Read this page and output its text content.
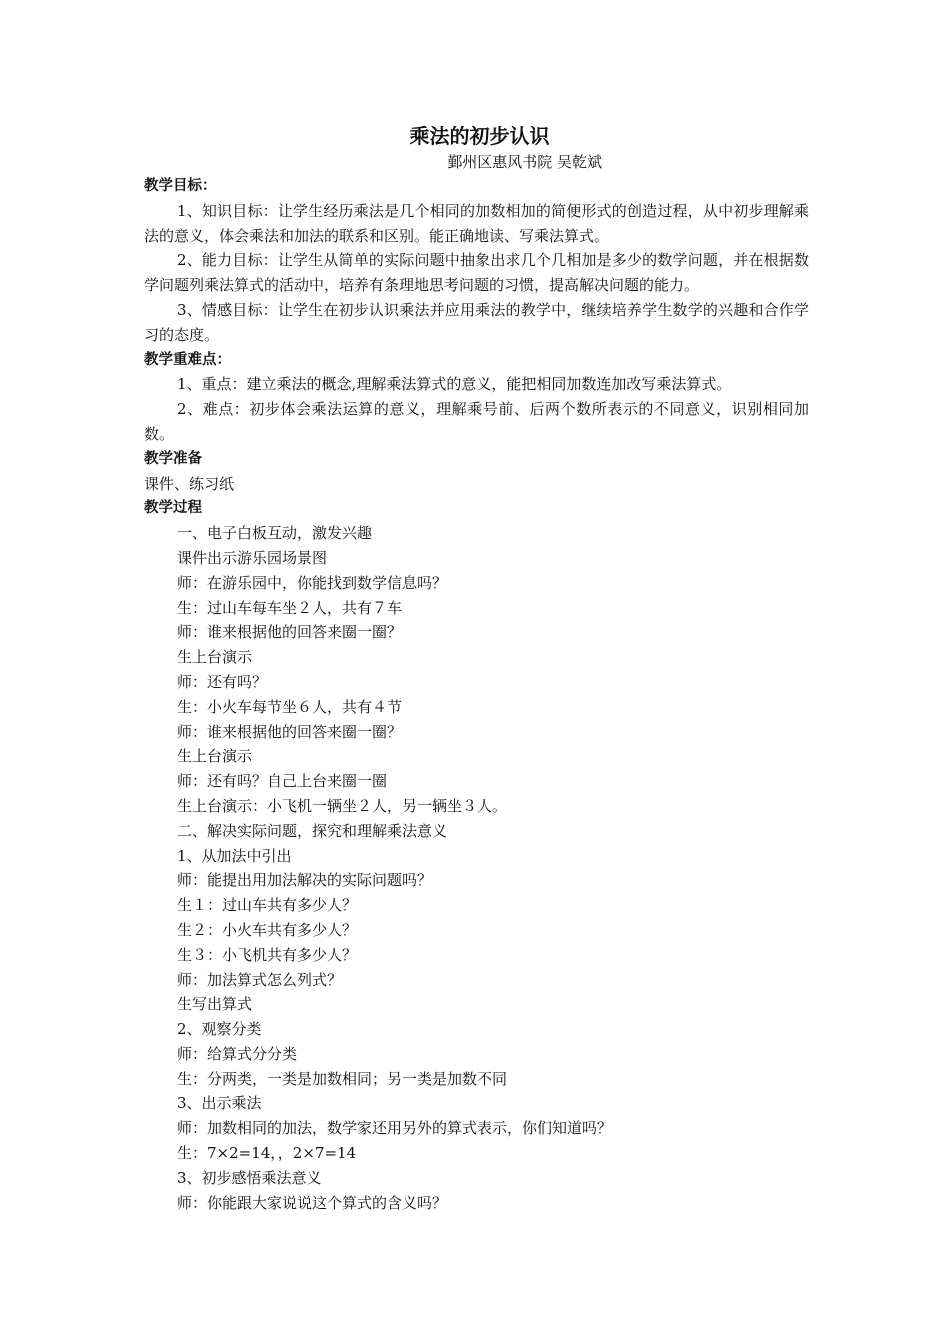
乘法的初步认识

鄞州区惠风书院 吴乾斌

教学目标：

1、知识目标：让学生经历乘法是几个相同的加数相加的简便形式的创造过程，从中初步理解乘法的意义，体会乘法和加法的联系和区别。能正确地读、写乘法算式。

2、能力目标：让学生从简单的实际问题中抽象出求几个几相加是多少的数学问题，并在根据数学问题列乘法算式的活动中，培养有条理地思考问题的习惯，提高解决问题的能力。

3、情感目标：让学生在初步认识乘法并应用乘法的教学中，继续培养学生数学的兴趣和合作学习的态度。

教学重难点：

1、重点：建立乘法的概念,理解乘法算式的意义，能把相同加数连加改写乘法算式。

2、难点：初步体会乘法运算的意义，理解乘号前、后两个数所表示的不同意义，识别相同加数。

教学准备

课件、练习纸

教学过程

一、电子白板互动，激发兴趣

课件出示游乐园场景图

师：在游乐园中，你能找到数学信息吗？

生：过山车每车坐２人，共有７车

师：谁来根据他的回答来圈一圈？

生上台演示

师：还有吗？

生：小火车每节坐６人，共有４节

师：谁来根据他的回答来圈一圈？

生上台演示

师：还有吗？自己上台来圈一圈

生上台演示：小飞机一辆坐２人，另一辆坐３人。

二、解决实际问题，探究和理解乘法意义

1、从加法中引出

师：能提出用加法解决的实际问题吗？

生１：过山车共有多少人？

生２：小火车共有多少人？

生３：小飞机共有多少人？

师：加法算式怎么列式？

生写出算式

2、观察分类

师：给算式分分类

生：分两类，一类是加数相同；另一类是加数不同

3、出示乘法

师：加数相同的加法，数学家还用另外的算式表示，你们知道吗？

生：7×2=14，，2×7=14

3、初步感悟乘法意义

师：你能跟大家说说这个算式的含义吗？
